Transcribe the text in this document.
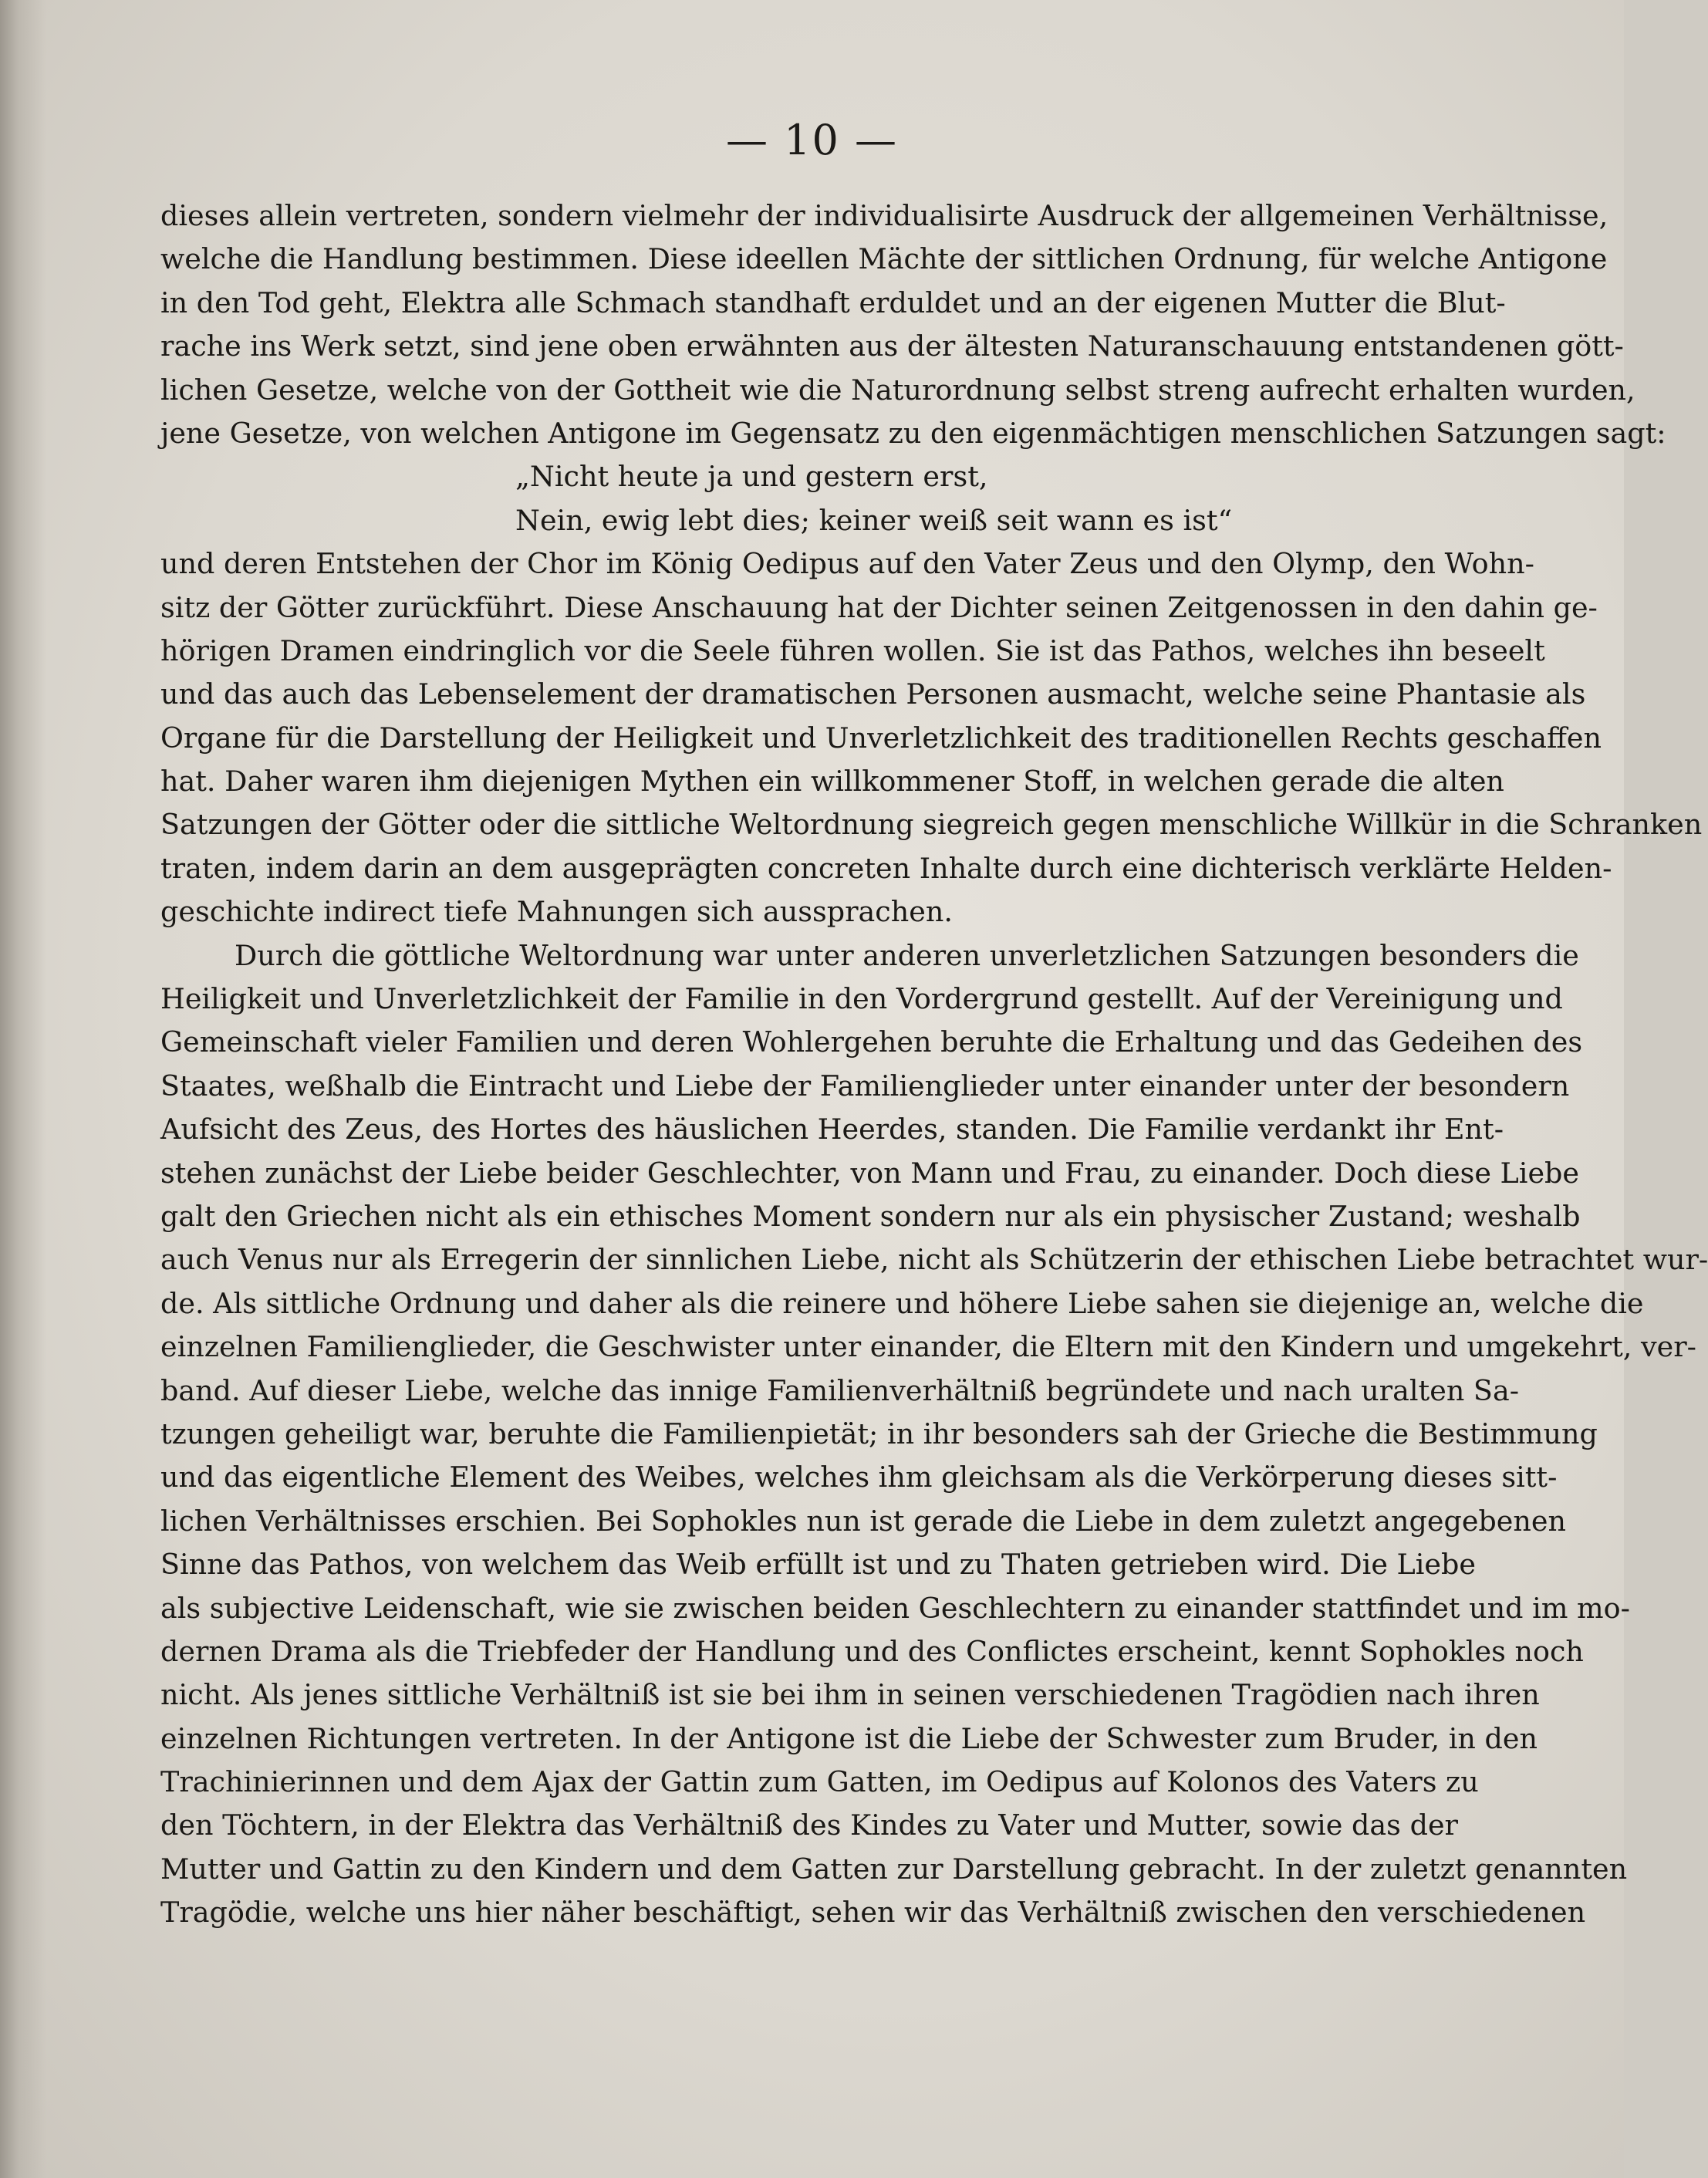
— 10 —
dieses allein vertreten, sondern vielmehr der individualisirte Ausdruck der allgemeinen Verhältnisse,
welche die Handlung bestimmen. Diese ideellen Mächte der sittlichen Ordnung, für welche Antigone
in den Tod geht, Elektra alle Schmach standhaft erduldet und an der eigenen Mutter die Blut-
rache ins Werk setzt, sind jene oben erwähnten aus der ältesten Naturanschauung entstandenen gött-
lichen Gesetze, welche von der Gottheit wie die Naturordnung selbst streng aufrecht erhalten wurden,
jene Gesetze, von welchen Antigone im Gegensatz zu den eigenmächtigen menschlichen Satzungen sagt:
„Nicht heute ja und gestern erst,
Nein, ewig lebt dies; keiner weiß seit wann es ist“
und deren Entstehen der Chor im König Oedipus auf den Vater Zeus und den Olymp, den Wohn-
sitz der Götter zurückführt. Diese Anschauung hat der Dichter seinen Zeitgenossen in den dahin ge-
hörigen Dramen eindringlich vor die Seele führen wollen. Sie ist das Pathos, welches ihn beseelt
und das auch das Lebenselement der dramatischen Personen ausmacht, welche seine Phantasie als
Organe für die Darstellung der Heiligkeit und Unverletzlichkeit des traditionellen Rechts geschaffen
hat. Daher waren ihm diejenigen Mythen ein willkommener Stoff, in welchen gerade die alten
Satzungen der Götter oder die sittliche Weltordnung siegreich gegen menschliche Willkür in die Schranken
traten, indem darin an dem ausgeprägten concreten Inhalte durch eine dichterisch verklärte Helden-
geschichte indirect tiefe Mahnungen sich aussprachen.
Durch die göttliche Weltordnung war unter anderen unverletzlichen Satzungen besonders die
Heiligkeit und Unverletzlichkeit der Familie in den Vordergrund gestellt. Auf der Vereinigung und
Gemeinschaft vieler Familien und deren Wohlergehen beruhte die Erhaltung und das Gedeihen des
Staates, weßhalb die Eintracht und Liebe der Familienglieder unter einander unter der besondern
Aufsicht des Zeus, des Hortes des häuslichen Heerdes, standen. Die Familie verdankt ihr Ent-
stehen zunächst der Liebe beider Geschlechter, von Mann und Frau, zu einander. Doch diese Liebe
galt den Griechen nicht als ein ethisches Moment sondern nur als ein physischer Zustand; weshalb
auch Venus nur als Erregerin der sinnlichen Liebe, nicht als Schützerin der ethischen Liebe betrachtet wur-
de. Als sittliche Ordnung und daher als die reinere und höhere Liebe sahen sie diejenige an, welche die
einzelnen Familienglieder, die Geschwister unter einander, die Eltern mit den Kindern und umgekehrt, ver-
band. Auf dieser Liebe, welche das innige Familienverhältniß begründete und nach uralten Sa-
tzungen geheiligt war, beruhte die Familienpietät; in ihr besonders sah der Grieche die Bestimmung
und das eigentliche Element des Weibes, welches ihm gleichsam als die Verkörperung dieses sitt-
lichen Verhältnisses erschien. Bei Sophokles nun ist gerade die Liebe in dem zuletzt angegebenen
Sinne das Pathos, von welchem das Weib erfüllt ist und zu Thaten getrieben wird. Die Liebe
als subjective Leidenschaft, wie sie zwischen beiden Geschlechtern zu einander stattfindet und im mo-
dernen Drama als die Triebfeder der Handlung und des Conflictes erscheint, kennt Sophokles noch
nicht. Als jenes sittliche Verhältniß ist sie bei ihm in seinen verschiedenen Tragödien nach ihren
einzelnen Richtungen vertreten. In der Antigone ist die Liebe der Schwester zum Bruder, in den
Trachinierinnen und dem Ajax der Gattin zum Gatten, im Oedipus auf Kolonos des Vaters zu
den Töchtern, in der Elektra das Verhältniß des Kindes zu Vater und Mutter, sowie das der
Mutter und Gattin zu den Kindern und dem Gatten zur Darstellung gebracht. In der zuletzt genannten
Tragödie, welche uns hier näher beschäftigt, sehen wir das Verhältniß zwischen den verschiedenen
